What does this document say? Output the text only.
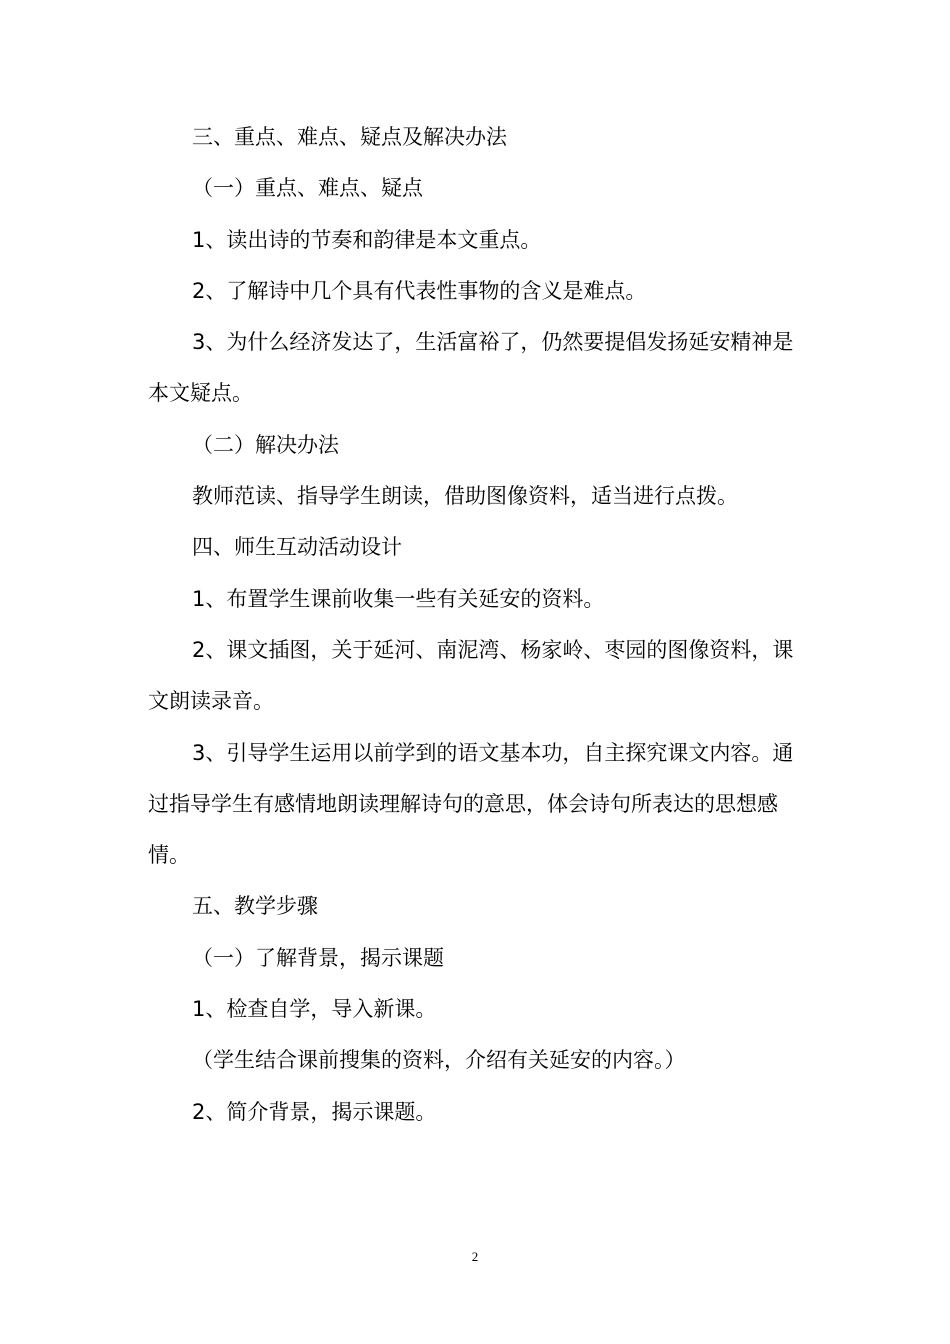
三、重点、难点、疑点及解决办法

（一）重点、难点、疑点

1、读出诗的节奏和韵律是本文重点。

2、了解诗中几个具有代表性事物的含义是难点。

3、为什么经济发达了，生活富裕了，仍然要提倡发扬延安精神是本文疑点。

（二）解决办法

教师范读、指导学生朗读，借助图像资料，适当进行点拨。

四、师生互动活动设计

1、布置学生课前收集一些有关延安的资料。

2、课文插图，关于延河、南泥湾、杨家岭、枣园的图像资料，课文朗读录音。

3、引导学生运用以前学到的语文基本功，自主探究课文内容。通过指导学生有感情地朗读理解诗句的意思，体会诗句所表达的思想感情。

五、教学步骤

（一）了解背景，揭示课题

1、检查自学，导入新课。

（学生结合课前搜集的资料，介绍有关延安的内容。）

2、简介背景，揭示课题。

2
